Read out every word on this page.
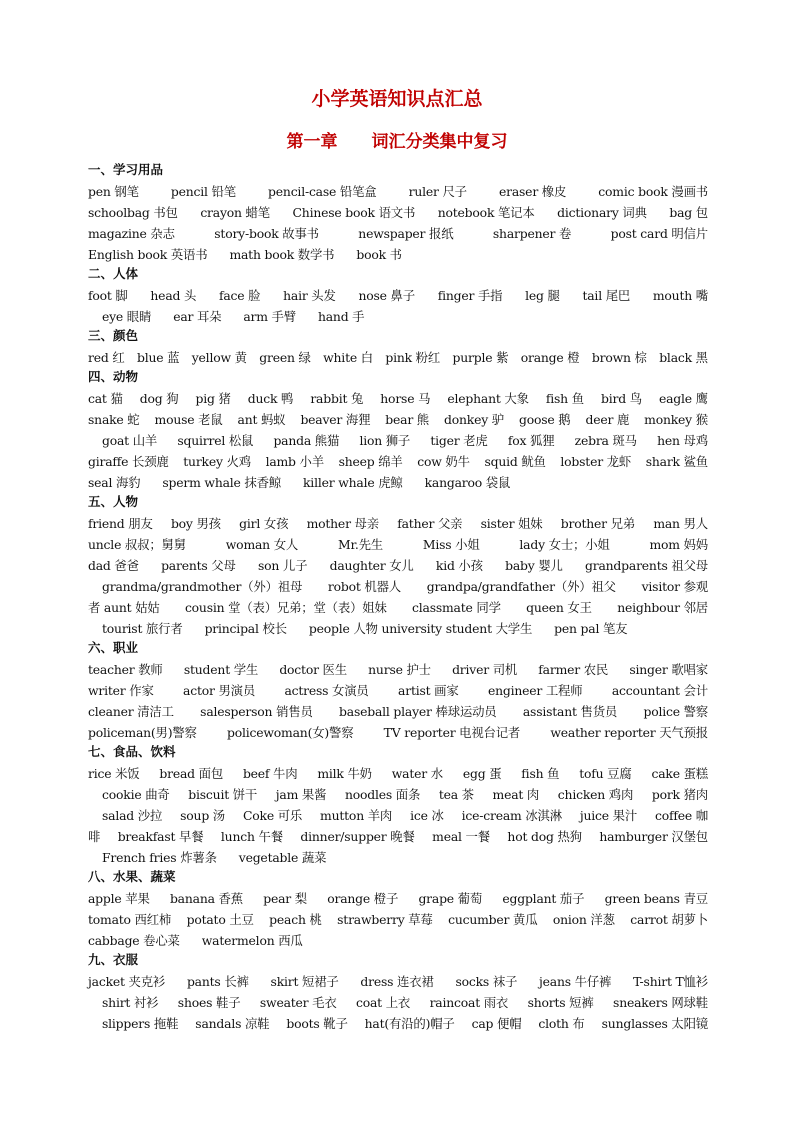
小学英语知识点汇总
第一章 词汇分类集中复习
一、学习用品
pen 钢笔	pencil 铅笔	pencil-case 铅笔盒	ruler 尺子	eraser 橡皮	comic book 漫画书
schoolbag 书包 crayon 蜡笔 Chinese book 语文书 notebook 笔记本 dictionary 词典 bag 包
magazine 杂志	story-book 故事书	newspaper 报纸	sharpener 卷	post card 明信片
English book 英语书 math book 数学书 book 书
二、人体
foot 脚 head 头 face 脸 hair 头发 nose 鼻子 finger 手指 leg 腿 tail 尾巴 mouth 嘴
eye 眼睛 ear 耳朵 arm 手臂 hand 手
三、颜色
red 红 blue 蓝 yellow 黄 green 绿 white 白 pink 粉红 purple 紫 orange 橙 brown 棕 black 黑
四、动物
cat 猫 dog 狗 pig 猪 duck 鸭 rabbit 兔 horse 马 elephant 大象 fish 鱼 bird 鸟 eagle 鹰
snake 蛇 mouse 老鼠 ant 蚂蚁 beaver 海狸 bear 熊 donkey 驴 goose 鹅 deer 鹿 monkey 猴
goat 山羊 squirrel 松鼠 panda 熊猫 lion 狮子 tiger 老虎 fox 狐狸 zebra 斑马 hen 母鸡
giraffe 长颈鹿 turkey 火鸡 lamb 小羊 sheep 绵羊 cow 奶牛 squid 鱿鱼 lobster 龙虾 shark 鲨鱼
seal 海豹 sperm whale 抹香鲸 killer whale 虎鲸 kangaroo 袋鼠
五、人物
friend 朋友 boy 男孩 girl 女孩 mother 母亲 father 父亲 sister 姐妹 brother 兄弟 man 男人
uncle 叔叔；舅舅	woman 女人	Mr.先生	Miss 小姐	lady 女士；小姐	mom 妈妈
dad 爸爸 parents 父母 son 儿子 daughter 女儿 kid 小孩 baby 婴儿 grandparents 祖父母
grandma/grandmother（外）祖母 robot 机器人 grandpa/grandfather（外）祖父 visitor 参观
者 aunt 姑姑 cousin 堂（表）兄弟；堂（表）姐妹 classmate 同学 queen 女王 neighbour 邻居
tourist 旅行者 principal 校长 people 人物 university student 大学生 pen pal 笔友
六、职业
teacher 教师 student 学生 doctor 医生 nurse 护士 driver 司机 farmer 农民 singer 歌唱家
writer 作家 actor 男演员 actress 女演员 artist 画家 engineer 工程师 accountant 会计
cleaner 清洁工 salesperson 销售员 baseball player 棒球运动员 assistant 售货员 police 警察
policeman(男)警察 policewoman(女)警察 TV reporter 电视台记者 weather reporter 天气预报
七、食品、饮料
rice 米饭 bread 面包 beef 牛肉 milk 牛奶 water 水 egg 蛋 fish 鱼 tofu 豆腐 cake 蛋糕
cookie 曲奇 biscuit 饼干 jam 果酱 noodles 面条 tea 茶 meat 肉 chicken 鸡肉 pork 猪肉
salad 沙拉 soup 汤 Coke 可乐 mutton 羊肉 ice 冰 ice-cream 冰淇淋 juice 果汁 coffee 咖
啡 breakfast 早餐 lunch 午餐 dinner/supper 晚餐 meal 一餐 hot dog 热狗 hamburger 汉堡包
French fries 炸薯条 vegetable 蔬菜
八、水果、蔬菜
apple 苹果 banana 香蕉 pear 梨 orange 橙子 grape 葡萄 eggplant 茄子 green beans 青豆
tomato 西红柿 potato 土豆 peach 桃 strawberry 草莓 cucumber 黄瓜 onion 洋葱 carrot 胡萝卜
cabbage 卷心菜 watermelon 西瓜
九、衣服
jacket 夹克衫 pants 长裤 skirt 短裙子 dress 连衣裙 socks 袜子 jeans 牛仔裤 T-shirt T恤衫
shirt 衬衫 shoes 鞋子 sweater 毛衣 coat 上衣 raincoat 雨衣 shorts 短裤 sneakers 网球鞋
slippers 拖鞋 sandals 凉鞋 boots 靴子 hat(有沿的)帽子 cap 便帽 cloth 布 sunglasses 太阳镜
